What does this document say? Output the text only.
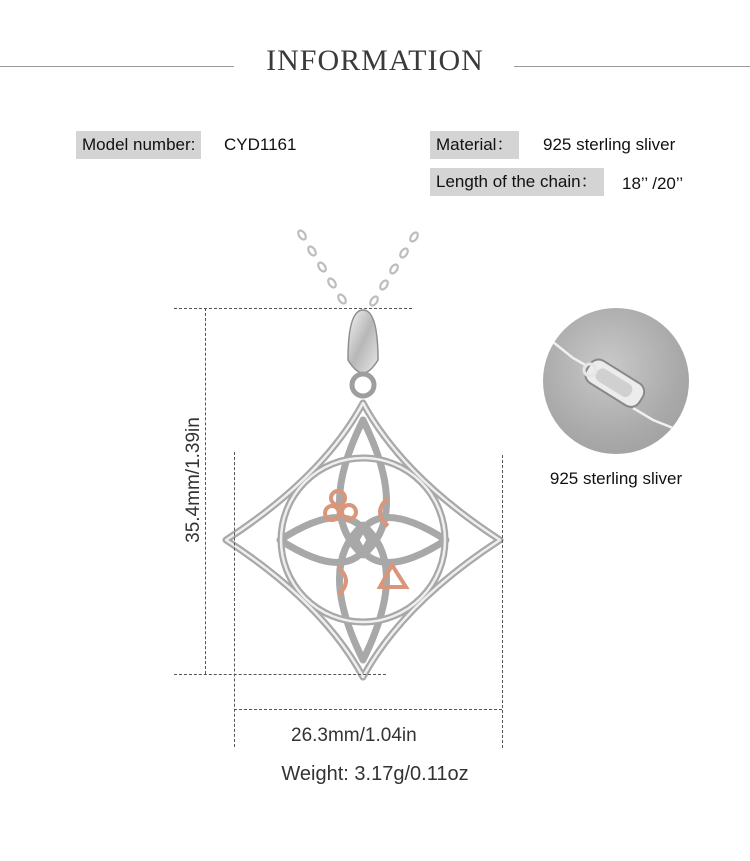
INFORMATION
Model number:	CYD1161	Material：	925 sterling sliver
Length of the chain：	18’’ /20’’
35.4mm/1.39in
26.3mm/1.04in
Weight: 3.17g/0.11oz
925 sterling sliver
